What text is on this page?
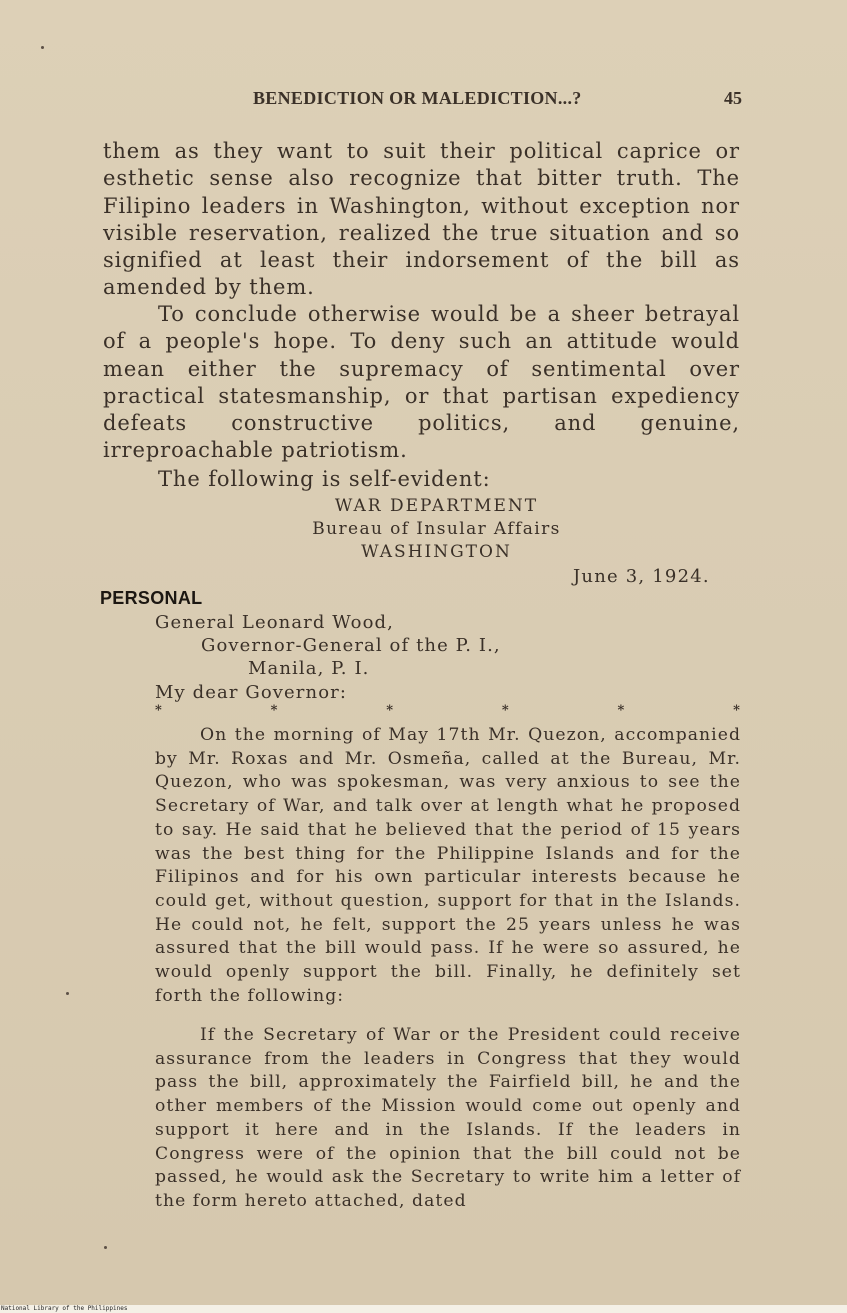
BENEDICTION OR MALEDICTION...?	45
them as they want to suit their political caprice or esthetic sense also recognize that bitter truth. The Filipino leaders in Washington, without exception nor visible reservation, realized the true situation and so signified at least their indorsement of the bill as amended by them.
To conclude otherwise would be a sheer betrayal of a people's hope. To deny such an attitude would mean either the supremacy of sentimental over practical statesmanship, or that partisan expediency defeats constructive politics, and genuine, irreproachable patriotism.
The following is self-evident:
WAR DEPARTMENT
Bureau of Insular Affairs
WASHINGTON
June 3, 1924.
PERSONAL
General Leonard Wood,
Governor-General of the P. I.,
Manila, P. I.
My dear Governor:
*	*	*	*	*	*
On the morning of May 17th Mr. Quezon, accompanied by Mr. Roxas and Mr. Osmeña, called at the Bureau, Mr. Quezon, who was spokesman, was very anxious to see the Secretary of War, and talk over at length what he proposed to say. He said that he believed that the period of 15 years was the best thing for the Philippine Islands and for the Filipinos and for his own particular interests because he could get, without question, support for that in the Islands. He could not, he felt, support the 25 years unless he was assured that the bill would pass. If he were so assured, he would openly support the bill. Finally, he definitely set forth the following:
If the Secretary of War or the President could receive assurance from the leaders in Congress that they would pass the bill, approximately the Fairfield bill, he and the other members of the Mission would come out openly and support it here and in the Islands. If the leaders in Congress were of the opinion that the bill could not be passed, he would ask the Secretary to write him a letter of the form hereto attached, dated
National Library of the Philippines
